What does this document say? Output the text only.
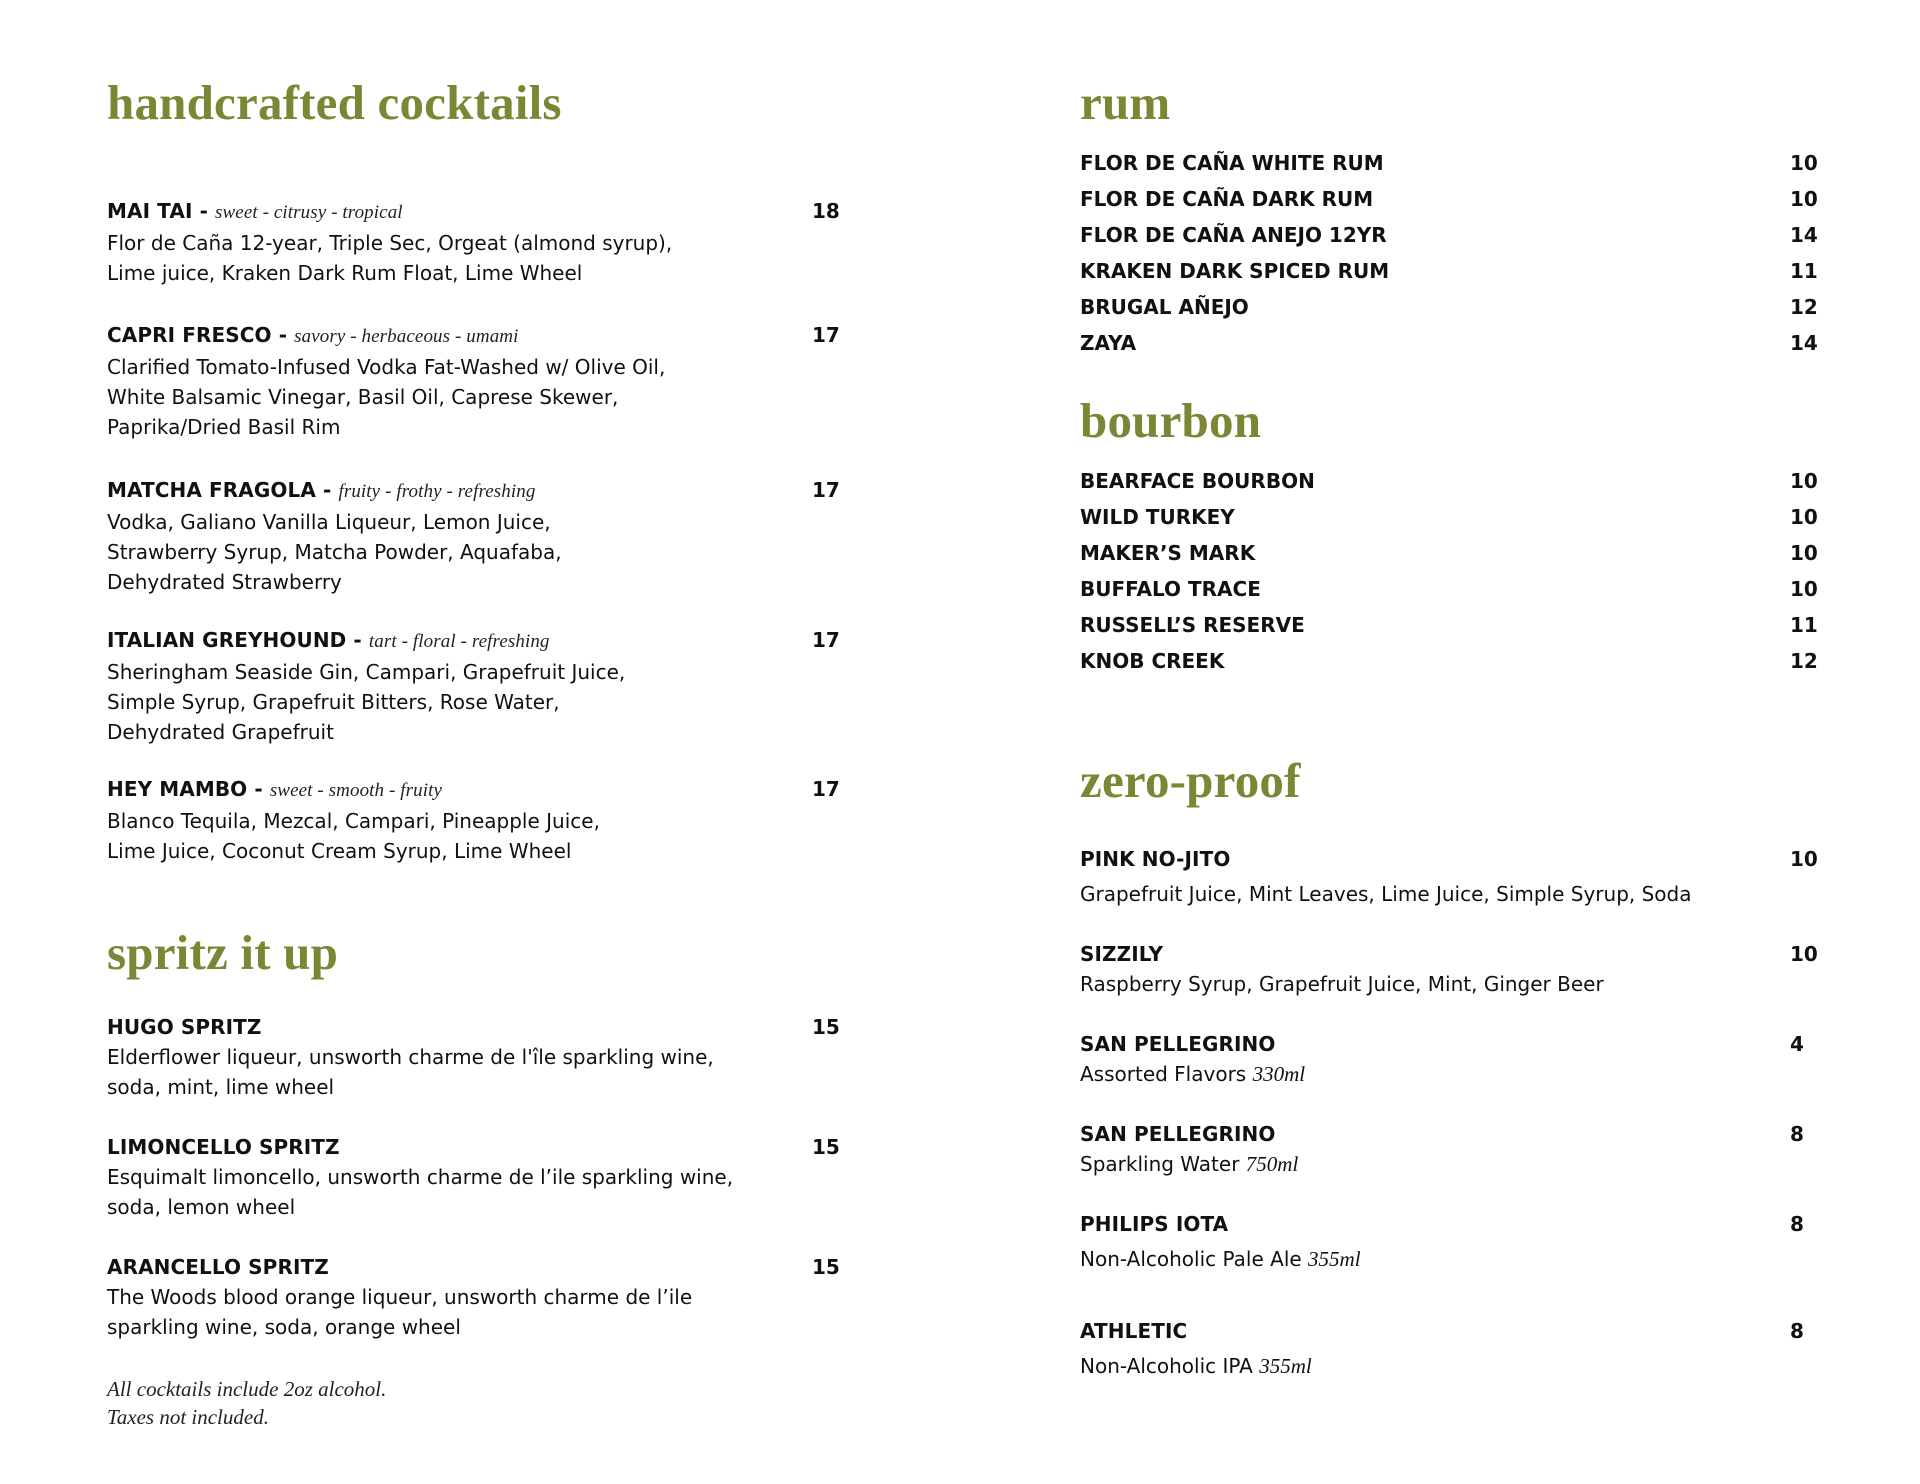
handcrafted cocktails
MAI TAI - sweet - citrusy - tropical
Flor de Caña 12-year, Triple Sec, Orgeat (almond syrup),
Lime juice, Kraken Dark Rum Float, Lime Wheel
18
CAPRI FRESCO - savory - herbaceous - umami
Clarified Tomato-Infused Vodka Fat-Washed w/ Olive Oil,
White Balsamic Vinegar, Basil Oil, Caprese Skewer,
Paprika/Dried Basil Rim
17
MATCHA FRAGOLA - fruity - frothy - refreshing
Vodka, Galiano Vanilla Liqueur, Lemon Juice,
Strawberry Syrup, Matcha Powder, Aquafaba,
Dehydrated Strawberry
17
ITALIAN GREYHOUND - tart - floral - refreshing
Sheringham Seaside Gin, Campari, Grapefruit Juice,
Simple Syrup, Grapefruit Bitters, Rose Water,
Dehydrated Grapefruit
17
HEY MAMBO - sweet - smooth - fruity
Blanco Tequila, Mezcal, Campari, Pineapple Juice,
Lime Juice, Coconut Cream Syrup, Lime Wheel
17
spritz it up
HUGO SPRITZ
Elderflower liqueur, unsworth charme de l'île sparkling wine,
soda, mint, lime wheel
15
LIMONCELLO SPRITZ
Esquimalt limoncello, unsworth charme de l’ile sparkling wine,
soda, lemon wheel
15
ARANCELLO SPRITZ
The Woods blood orange liqueur, unsworth charme de l’ile
sparkling wine, soda, orange wheel
15
All cocktails include 2oz alcohol.
Taxes not included.
rum
FLOR DE CAÑA WHITE RUM	10
FLOR DE CAÑA DARK RUM	10
FLOR DE CAÑA ANEJO 12YR	14
KRAKEN DARK SPICED RUM	11
BRUGAL AÑEJO	12
ZAYA	14
bourbon
BEARFACE BOURBON	10
WILD TURKEY	10
MAKER’S MARK	10
BUFFALO TRACE	10
RUSSELL’S RESERVE	11
KNOB CREEK	12
zero-proof
PINK NO-JITO
Grapefruit Juice, Mint Leaves, Lime Juice, Simple Syrup, Soda
10
SIZZILY
Raspberry Syrup, Grapefruit Juice, Mint, Ginger Beer
10
SAN PELLEGRINO
Assorted Flavors 330ml
4
SAN PELLEGRINO
Sparkling Water 750ml
8
PHILIPS IOTA
Non-Alcoholic Pale Ale 355ml
8
ATHLETIC
Non-Alcoholic IPA 355ml
8
